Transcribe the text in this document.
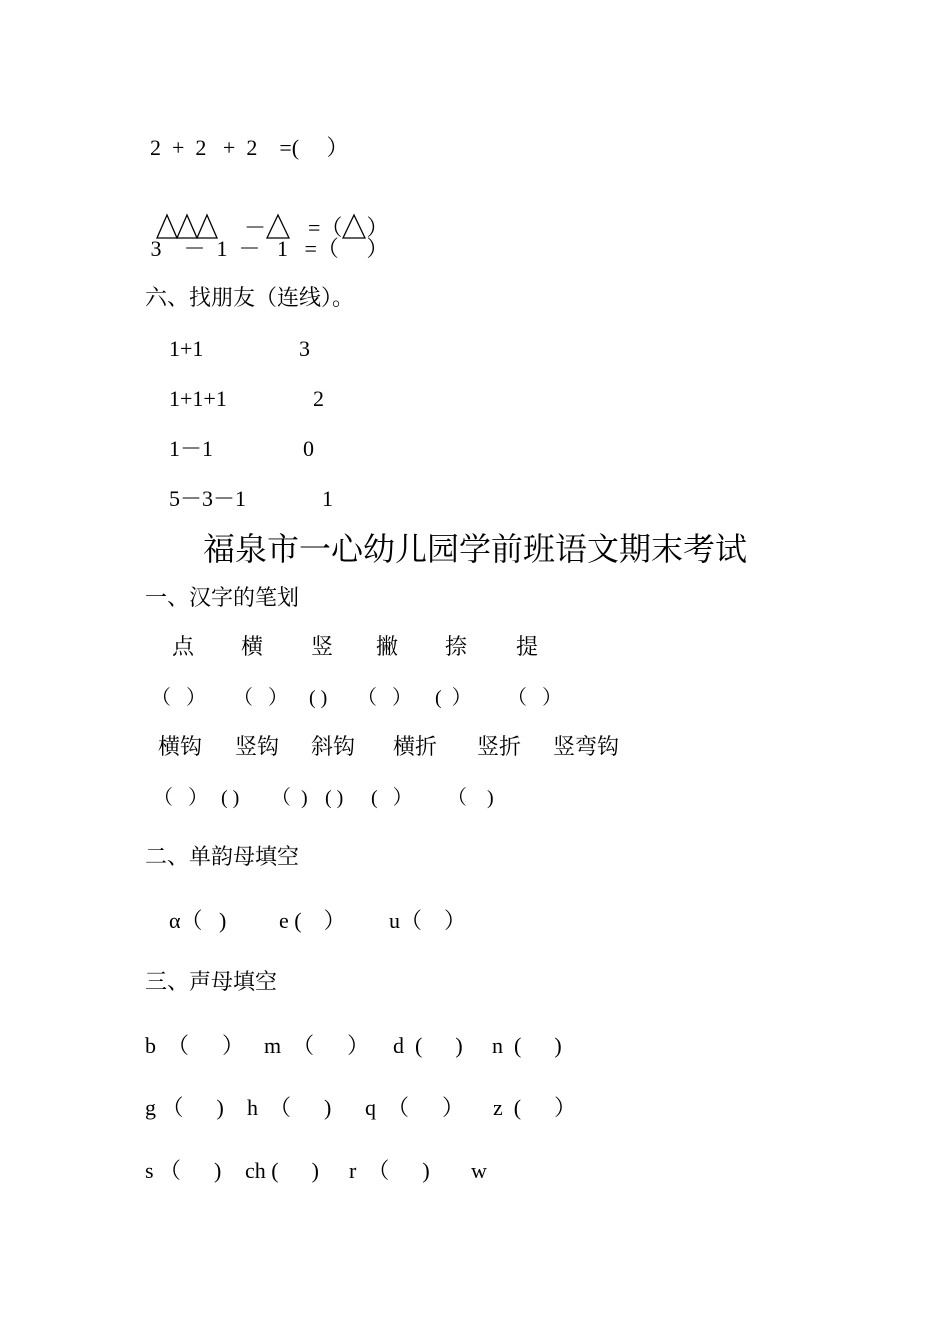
2  +  2   +  2    =(     ）

－ =（ ）

3    －  1  －   1   =（     ）
六、找朋友（连线）。
1+1	3
1+1+1	2
1－1	0
5－3－1	1
福泉市一心幼儿园学前班语文期末考试
一、汉字的笔划
点 横 竖 撇 捺 提
（   ） （   ） ( ) （   ） (  ） （   ）
横钩 竖钩 斜钩 横折 竖折 竖弯钩
（   ） ( ) （  ) ( ) (   ） （    )
二、单韵母填空
α（   ) e (    ） u（    ）
三、声母填空
b  （      ） m  （      ） d  (      ) n  (      )
g （      ) h  （      ) q  （      ） z  (      ）
s （      ) ch (      ) r  （      ) w
